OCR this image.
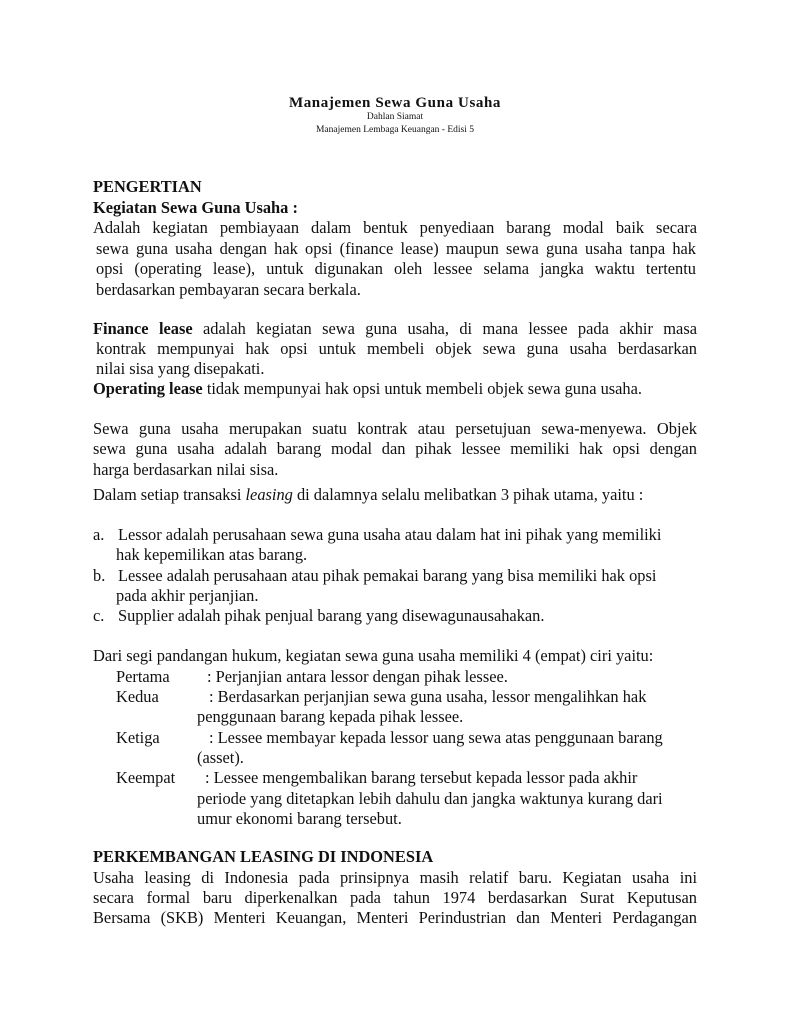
Manajemen Sewa Guna Usaha
Dahlan Siamat
Manajemen Lembaga Keuangan - Edisi 5
PENGERTIAN
Kegiatan Sewa Guna Usaha :
Adalah kegiatan pembiayaan dalam bentuk penyediaan barang modal baik secara
sewa guna usaha dengan hak opsi (finance lease) maupun sewa guna usaha tanpa hak
opsi (operating lease), untuk digunakan oleh lessee selama jangka waktu tertentu
berdasarkan pembayaran secara berkala.
Finance lease adalah kegiatan sewa guna usaha, di mana lessee pada akhir masa
kontrak mempunyai hak opsi untuk membeli objek sewa guna usaha berdasarkan
nilai sisa yang disepakati.
Operating lease tidak mempunyai hak opsi untuk membeli objek sewa guna usaha.
Sewa guna usaha merupakan suatu kontrak atau persetujuan sewa-menyewa. Objek
sewa guna usaha adalah barang modal dan pihak lessee memiliki hak opsi dengan
harga berdasarkan nilai sisa.
Dalam setiap transaksi leasing di dalamnya selalu melibatkan 3 pihak utama, yaitu :
a. Lessor adalah perusahaan sewa guna usaha atau dalam hat ini pihak yang memiliki
hak kepemilikan atas barang.
b. Lessee adalah perusahaan atau pihak pemakai barang yang bisa memiliki hak opsi
pada akhir perjanjian.
c. Supplier adalah pihak penjual barang yang disewagunausahakan.
Dari segi pandangan hukum, kegiatan sewa guna usaha memiliki 4 (empat) ciri yaitu:
Pertama : Perjanjian antara lessor dengan pihak lessee.
Kedua	: Berdasarkan perjanjian sewa guna usaha, lessor mengalihkan hak
penggunaan barang kepada pihak lessee.
Ketiga	: Lessee membayar kepada lessor uang sewa atas penggunaan barang
(asset).
Keempat : Lessee mengembalikan barang tersebut kepada lessor pada akhir
periode yang ditetapkan lebih dahulu dan jangka waktunya kurang dari
umur ekonomi barang tersebut.
PERKEMBANGAN LEASING DI INDONESIA
Usaha leasing di Indonesia pada prinsipnya masih relatif baru. Kegiatan usaha ini
secara formal baru diperkenalkan pada tahun 1974 berdasarkan Surat Keputusan
Bersama (SKB) Menteri Keuangan, Menteri Perindustrian dan Menteri Perdagangan
